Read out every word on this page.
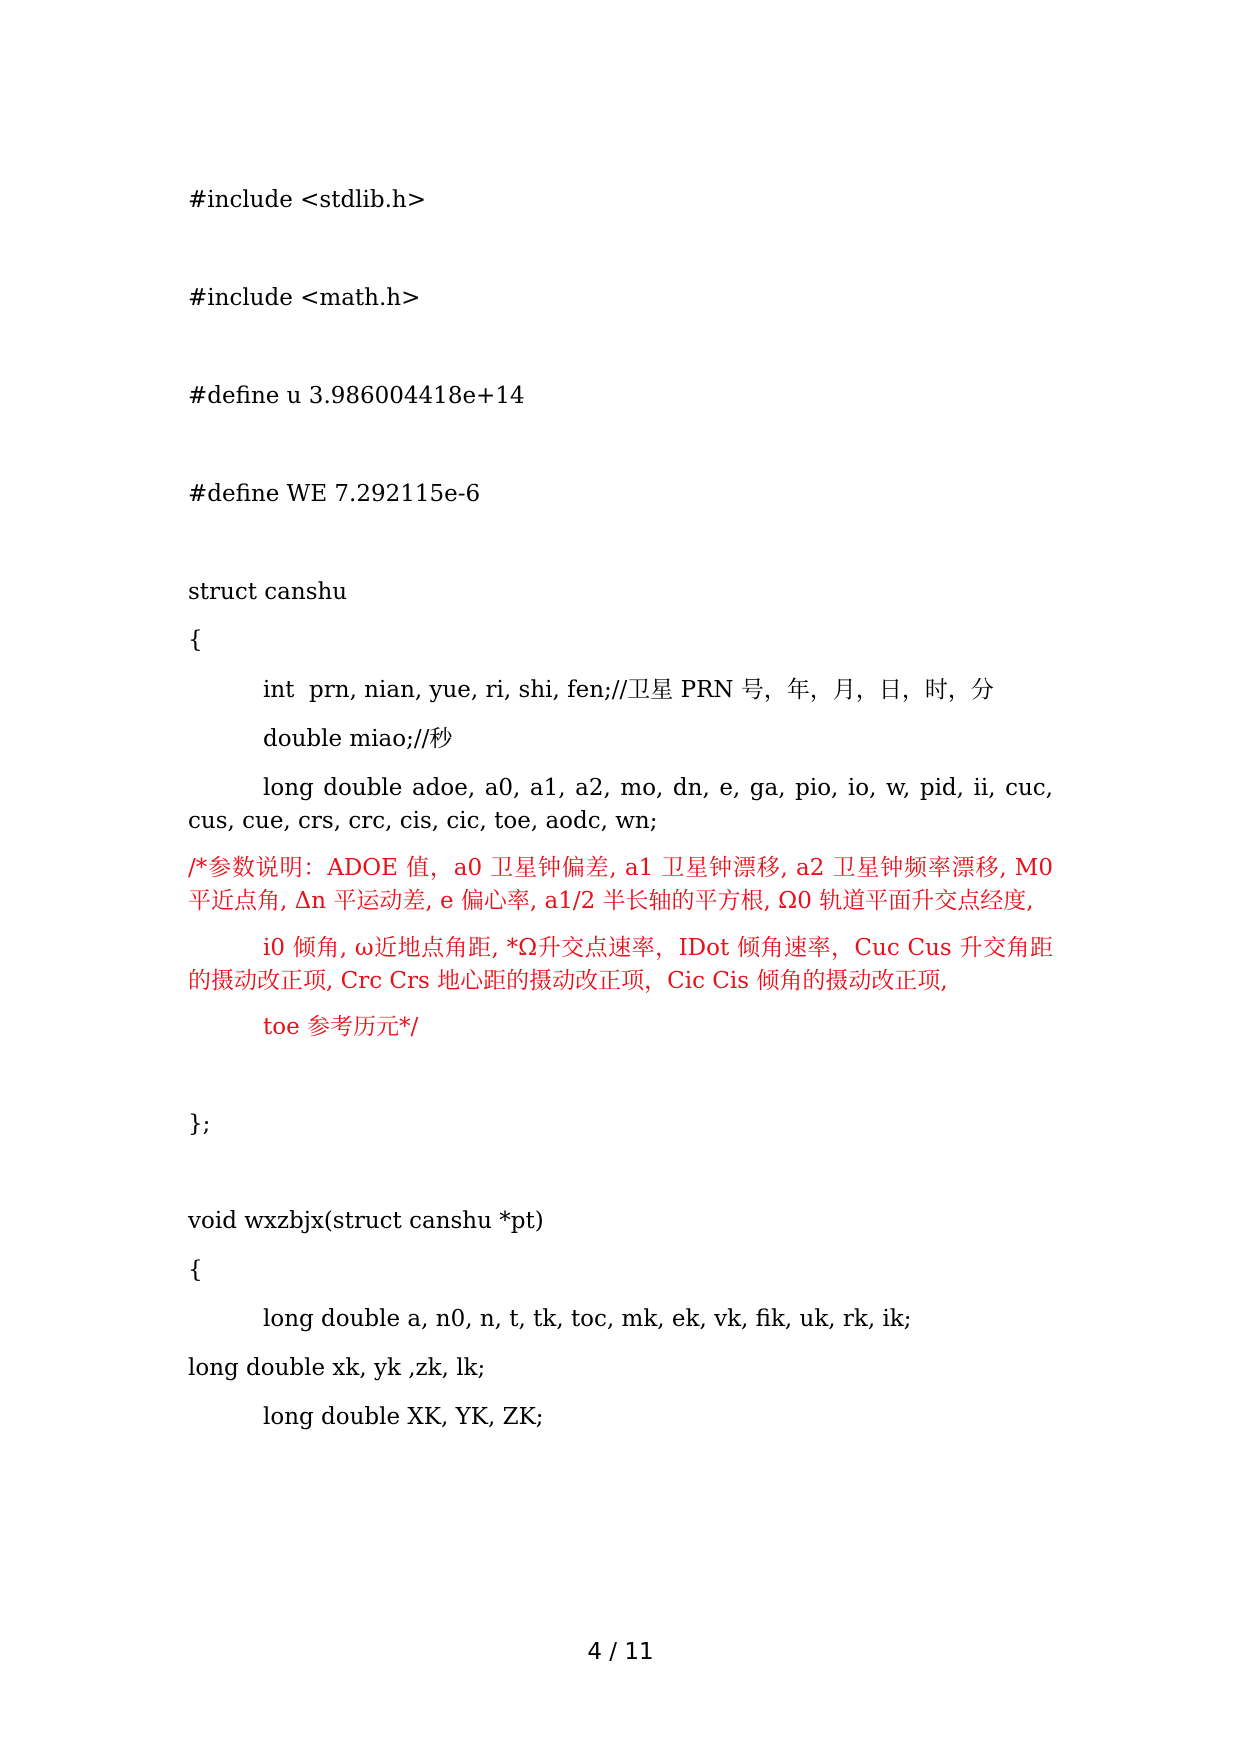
#include <stdlib.h>

#include <math.h>

#define u 3.986004418e+14

#define WE 7.292115e-6

struct canshu

{

int  prn, nian, yue, ri, shi, fen;//卫星 PRN 号，年，月，日，时，分

double miao;//秒

long double adoe, a0, a1, a2, mo, dn, e, ga, pio, io, w, pid, ii, cuc, cus, cue, crs, crc, cis, cic, toe, aodc, wn;

/*参数说明：ADOE 值，a0 卫星钟偏差, a1 卫星钟漂移, a2 卫星钟频率漂移, M0 平近点角, Δn 平运动差, e 偏心率, a1/2 半长轴的平方根, Ω0 轨道平面升交点经度,

i0 倾角, ω近地点角距, *Ω升交点速率，IDot 倾角速率，Cuc Cus 升交角距的摄动改正项, Crc Crs 地心距的摄动改正项，Cic Cis 倾角的摄动改正项,

toe 参考历元*/

};

void wxzbjx(struct canshu *pt)

{

long double a, n0, n, t, tk, toc, mk, ek, vk, fik, uk, rk, ik;

long double xk, yk ,zk, lk;

long double XK, YK, ZK;

4 / 11
